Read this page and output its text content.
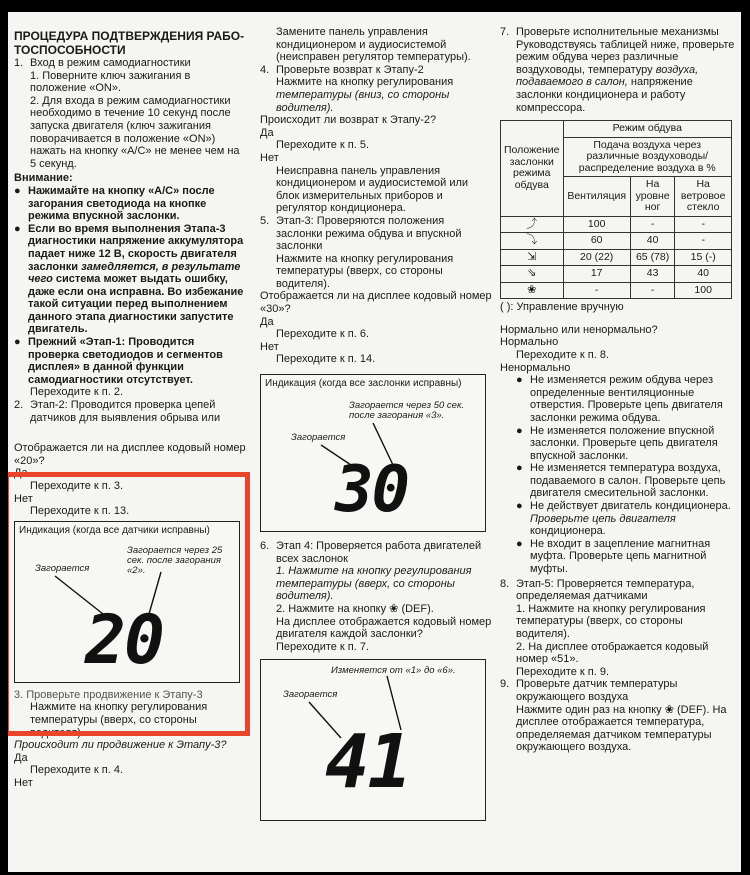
ПРОЦЕДУРА ПОДТВЕРЖДЕНИЯ РАБО-ТОСПОСОБНОСТИ

1. Вход в режим самодиагностики

1. Поверните ключ зажигания в положение «ON».

2. Для входа в режим самодиагностики необходимо в течение 10 секунд после запуска двигателя (ключ зажигания поворачивается в положение «ON») нажать на кнопку «A/C» не менее чем на 5 секунд.

Внимание:

● Нажимайте на кнопку «A/C» после загорания светодиода на кнопке режима впускной заслонки.
● Если во время выполнения Этапа-3 диагностики напряжение аккумулятора падает ниже 12 В, скорость двигателя заслонки замедляется, в результате чего система может выдать ошибку, даже если она исправна. Во избежание такой ситуации перед выполнением данного этапа диагностики запустите двигатель.
● Прежний «Этап-1: Проводится проверка светодиодов и сегментов дисплея» в данной функции самодиагностики отсутствует.

Переходите к п. 2.

2. Этап-2: Проводится проверка цепей датчиков для выявления обрыва или

Отображается ли на дисплее кодовый номер «20»?

Да

Переходите к п. 3.

Нет

Переходите к п. 13.

Индикация (когда все датчики исправны)
Загорается
Загорается через 25 сек. после загорания «2».
20

3. Проверьте продвижение к Этапу-3

Нажмите на кнопку регулирования температуры (вверх, со стороны водителя).

Происходит ли продвижение к Этапу-3?

Да

Переходите к п. 4.

Нет

Замените панель управления кондиционером и аудиосистемой (неисправен регулятор температуры).

4. Проверьте возврат к Этапу-2

Нажмите на кнопку регулирования

температуры (вниз, со стороны водителя).

Происходит ли возврат к Этапу-2?

Да

Переходите к п. 5.

Нет

Неисправна панель управления кондиционером и аудиосистемой или блок измерительных приборов и регулятор кондиционера.

5. Этап-3: Проверяются положения заслонки режима обдува и впускной заслонки

Нажмите на кнопку регулирования температуры (вверх, со стороны водителя).

Отображается ли на дисплее кодовый номер «30»?

Да

Переходите к п. 6.

Нет

Переходите к п. 14.

Индикация (когда все заслонки исправны)
Загорается через 50 сек. после загорания «3».
Загорается
30
6. Этап 4: Проверяется работа двигателей всех заслонок

1. Нажмите на кнопку регулирования температуры (вверх, со стороны водителя).

2. Нажмите на кнопку ❀ (DEF).

На дисплее отображается кодовый номер двигателя каждой заслонки?

Переходите к п. 7.

Изменяется от «1» до «6».
Загорается
41
7. Проверьте исполнительные механизмы

Руководствуясь таблицей ниже, проверьте режим обдува через различные воздуховоды, температуру воздуха, подаваемого в салон, напряжение заслонки кондиционера и работу компрессора.

Положение заслонки режима обдува	Режим обдува		
	Подача воздуха через различные воздуховоды/распределение воздуха в %		
	Вентиляция	На уровне ног	На ветровое стекло
⤴	100	-	-
⤵	60	40	-
⇲	20 (22)	65 (78)	15 (-)
⇘	17	43	40
❀	-	-	100

( ): Управление вручную

Нормально или ненормально?

Нормально

Переходите к п. 8.

Ненормально

● Не изменяется режим обдува через определенные вентиляционные отверстия. Проверьте цепь двигателя заслонки режима обдува.
● Не изменяется положение впускной заслонки. Проверьте цепь двигателя впускной заслонки.
● Не изменяется температура воздуха, подаваемого в салон. Проверьте цепь двигателя смесительной заслонки.
● Не действует двигатель кондиционера. Проверьте цепь двигателя кондиционера.
● Не входит в зацепление магнитная муфта. Проверьте цепь магнитной муфты.
8. Этап-5: Проверяется температура, определяемая датчиками

1. Нажмите на кнопку регулирования температуры (вверх, со стороны водителя).

2. На дисплее отображается кодовый номер «51».

Переходите к п. 9.

9. Проверьте датчик температуры окружающего воздуха

Нажмите один раз на кнопку ❀ (DEF). На дисплее отображается температура, определяемая датчиком температуры окружающего воздуха.
